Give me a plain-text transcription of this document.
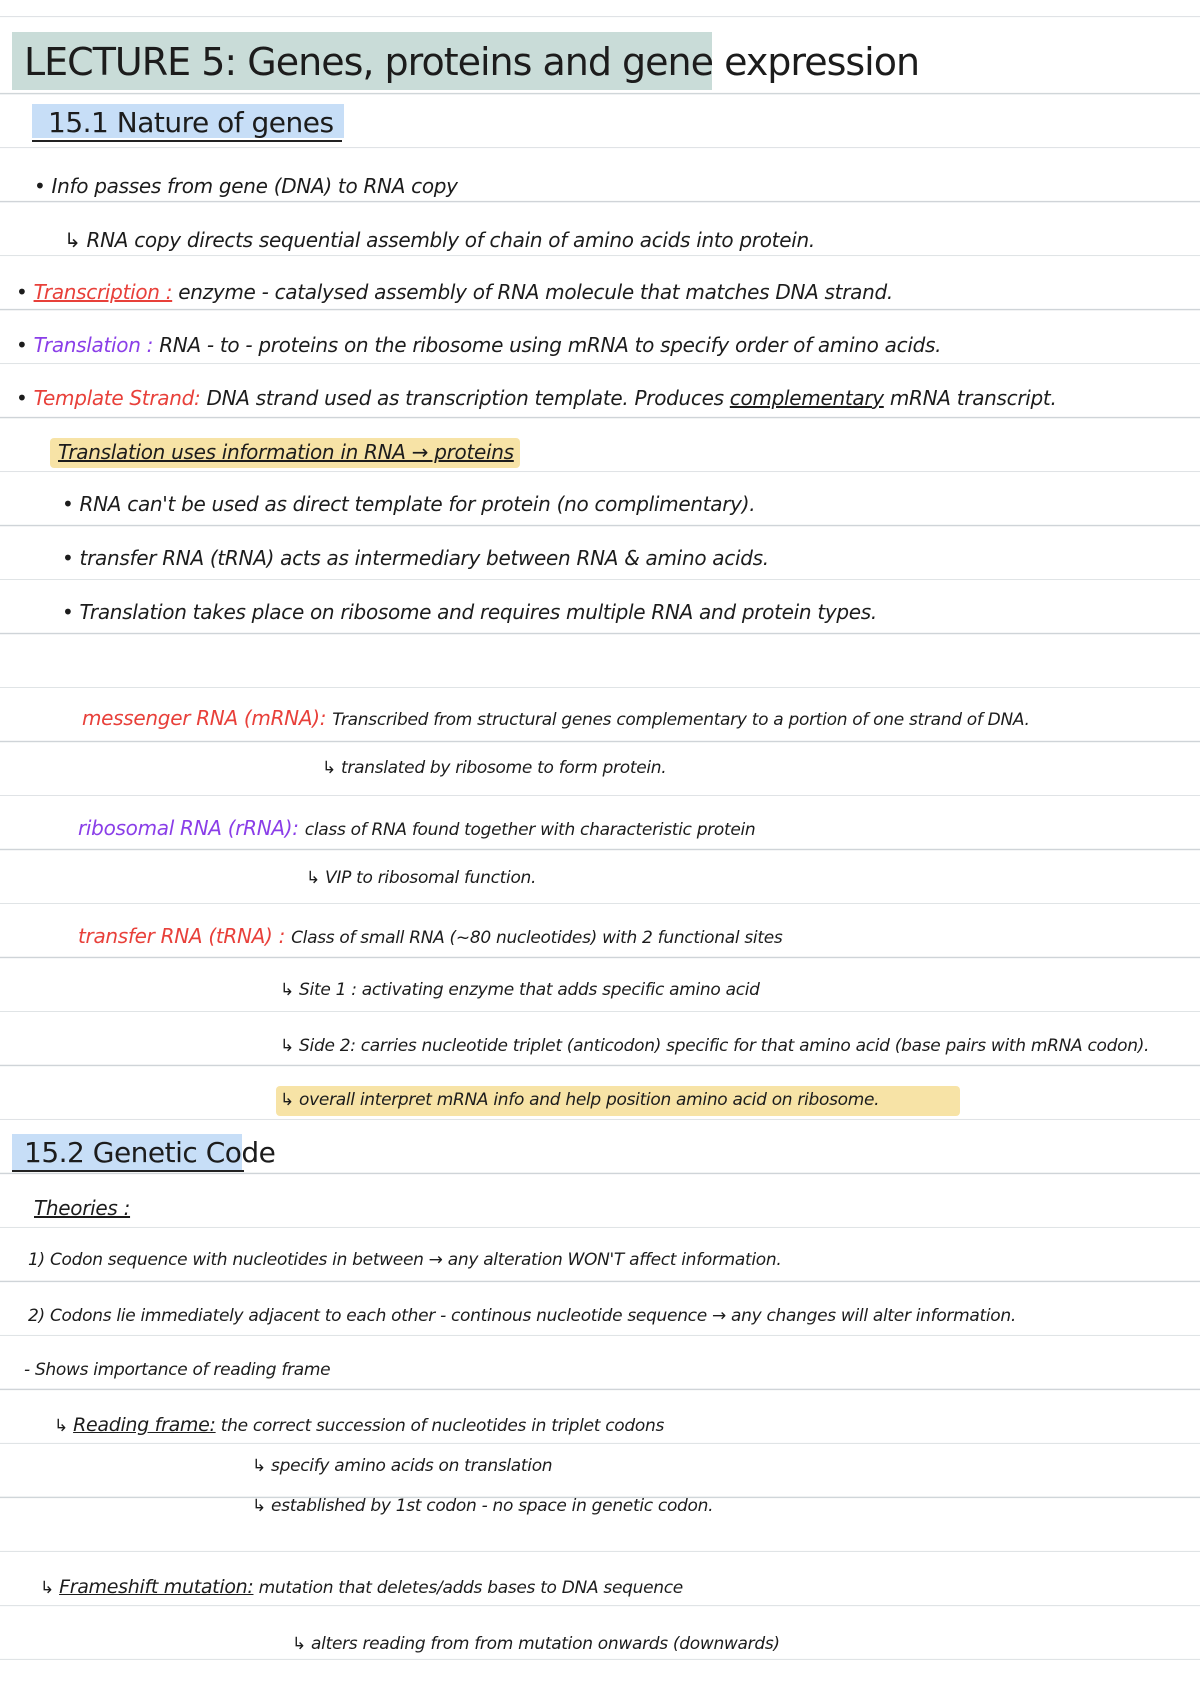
LECTURE 5: Genes, proteins and gene expression
15.1 Nature of genes
• Info passes from gene (DNA) to RNA copy
↳ RNA copy directs sequential assembly of chain of amino acids into protein.
• Transcription : enzyme - catalysed assembly of RNA molecule that matches DNA strand.
• Translation : RNA - to - proteins on the ribosome using mRNA to specify order of amino acids.
• Template Strand: DNA strand used as transcription template. Produces complementary mRNA transcript.
Translation uses information in RNA → proteins
• RNA can't be used as direct template for protein (no complimentary).
• transfer RNA (tRNA) acts as intermediary between RNA & amino acids.
• Translation takes place on ribosome and requires multiple RNA and protein types.
messenger RNA (mRNA): Transcribed from structural genes complementary to a portion of one strand of DNA.
↳ translated by ribosome to form protein.
ribosomal RNA (rRNA): class of RNA found together with characteristic protein
↳ VIP to ribosomal function.
transfer RNA (tRNA) : Class of small RNA (~80 nucleotides) with 2 functional sites
↳ Site 1 : activating enzyme that adds specific amino acid
↳ Side 2: carries nucleotide triplet (anticodon) specific for that amino acid (base pairs with mRNA codon).
↳ overall interpret mRNA info and help position amino acid on ribosome.
15.2 Genetic Code
Theories :
1) Codon sequence with nucleotides in between → any alteration WON'T affect information.
2) Codons lie immediately adjacent to each other - continous nucleotide sequence → any changes will alter information.
- Shows importance of reading frame
↳ Reading frame: the correct succession of nucleotides in triplet codons
↳ specify amino acids on translation
↳ established by 1st codon - no space in genetic codon.
↳ Frameshift mutation: mutation that deletes/adds bases to DNA sequence
↳ alters reading from from mutation onwards (downwards)
